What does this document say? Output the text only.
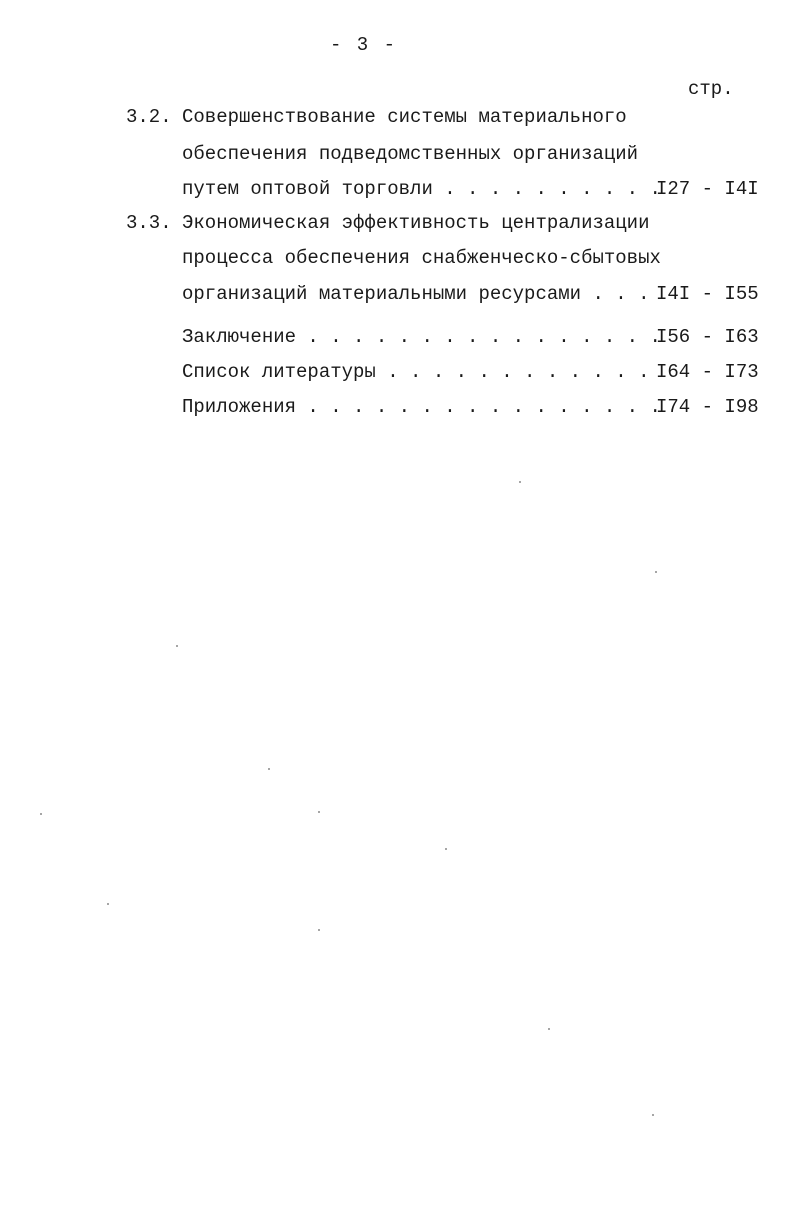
- 3 -
стр.
3.2. Совершенствование системы материального
обеспечения подведомственных организаций
путем оптовой торговли . . . . . . . . . .
I27 - I4I
3.3. Экономическая эффективность централизации
процесса обеспечения снабженческо-сбытовых
организаций материальными ресурсами . . . I4I - I55
Заключение . . . . . . . . . . . . . . . .
I56 - I63
Список литературы . . . . . . . . . . . . I64 - I73
Приложения . . . . . . . . . . . . . . . .
I74 - I98
